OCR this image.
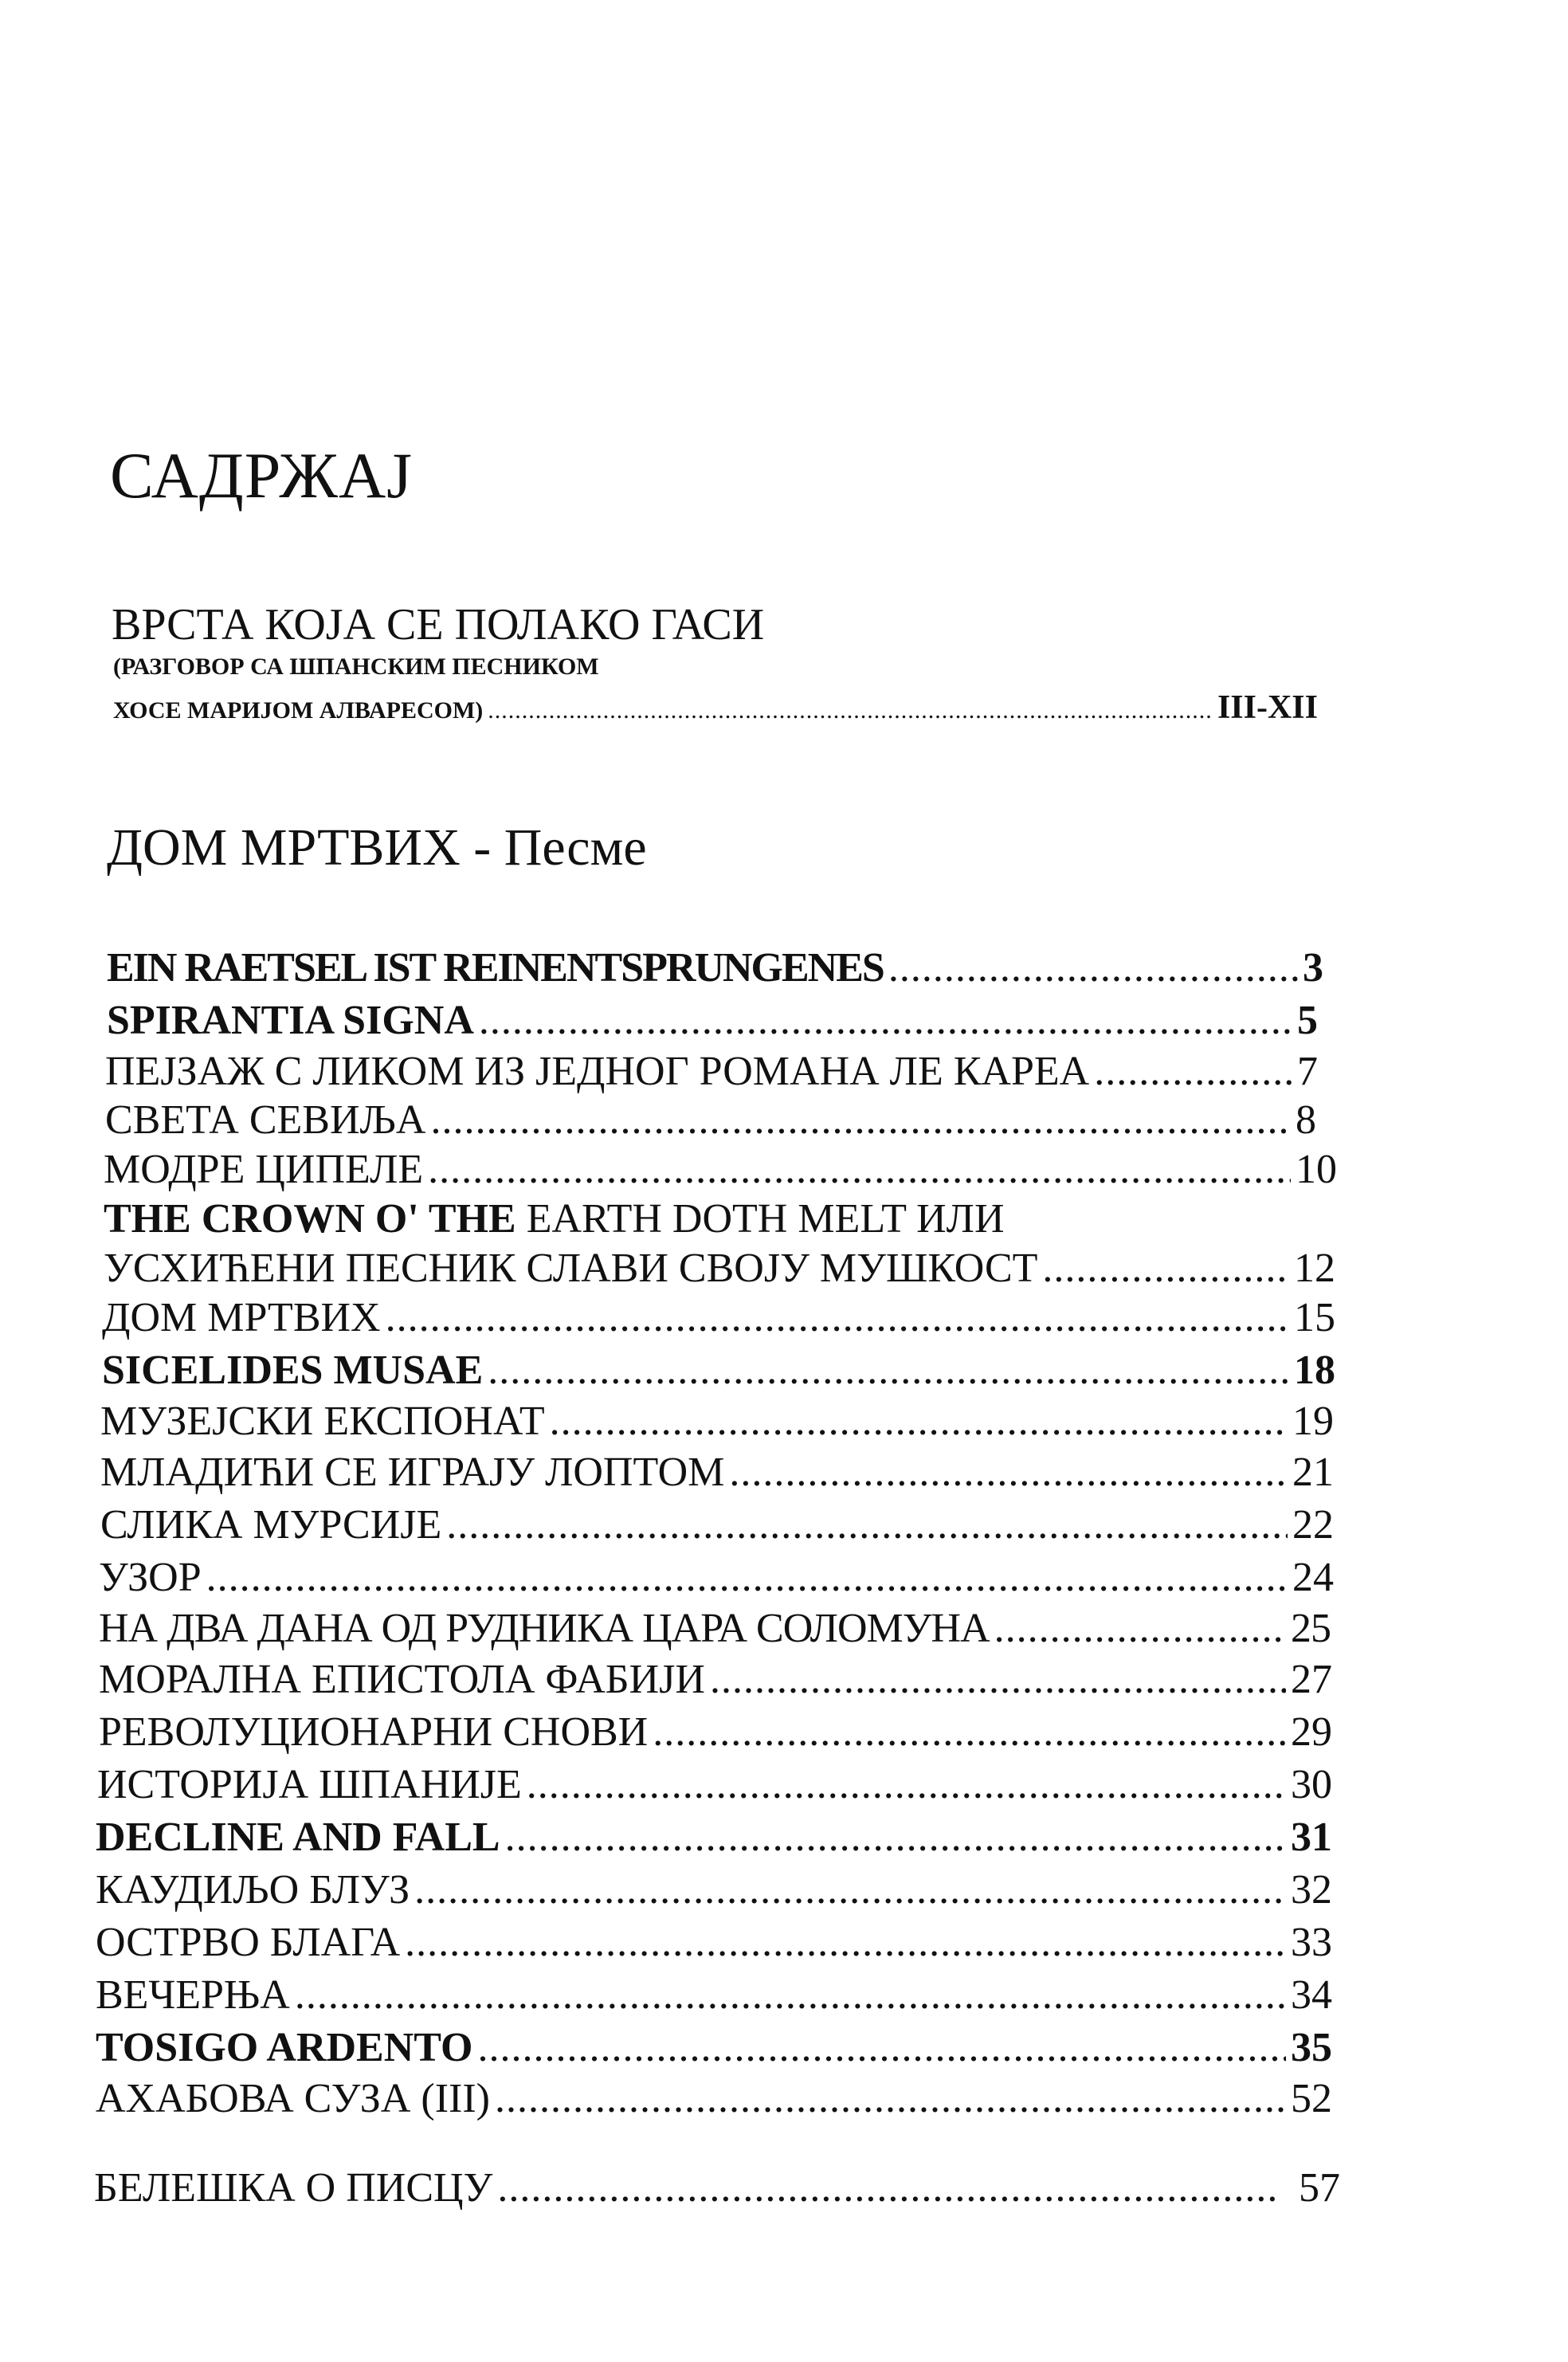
САДРЖАЈ
ВРСТА КОЈА СЕ ПОЛАКО ГАСИ
(РАЗГОВОР СА ШПАНСКИМ ПЕСНИКОМ
ХОСЕ МАРИЈОМ АЛВАРЕСОМ) .....	III-XII
ДОМ МРТВИХ - Песме
EIN RAETSEL IST REINENTSPRUNGENES .....	3
SPIRANTIA SIGNA .....	5
ПЕЈЗАЖ С ЛИКОМ ИЗ ЈЕДНОГ РОМАНА ЛЕ КАРЕА .....	7
СВЕТА СЕВИЉА .....	8
МОДРЕ ЦИПЕЛЕ .....	10
THE CROWN O' THE EARTH DOTH MELT ИЛИ
УСХИЋЕНИ ПЕСНИК СЛАВИ СВОЈУ МУШКОСТ .....	12
ДОМ МРТВИХ .....	15
SICELIDES MUSAE .....	18
МУЗЕЈСКИ ЕКСПОНАТ .....	19
МЛАДИЋИ СЕ ИГРАЈУ ЛОПТОМ .....	21
СЛИКА МУРСИЈЕ .....	22
УЗОР .....	24
НА ДВА ДАНА ОД РУДНИКА ЦАРА СОЛОМУНА .....	25
МОРАЛНА ЕПИСТОЛА ФАБИЈИ .....	27
РЕВОЛУЦИОНАРНИ СНОВИ .....	29
ИСТОРИЈА ШПАНИЈЕ .....	30
DECLINE AND FALL .....	31
КАУДИЉО БЛУЗ .....	32
ОСТРВО БЛАГА .....	33
ВЕЧЕРЊА .....	34
TOSIGO ARDENTO .....	35
АХАБОВА СУЗА (III) .....	52
БЕЛЕШКА О ПИСЦУ .....	57
